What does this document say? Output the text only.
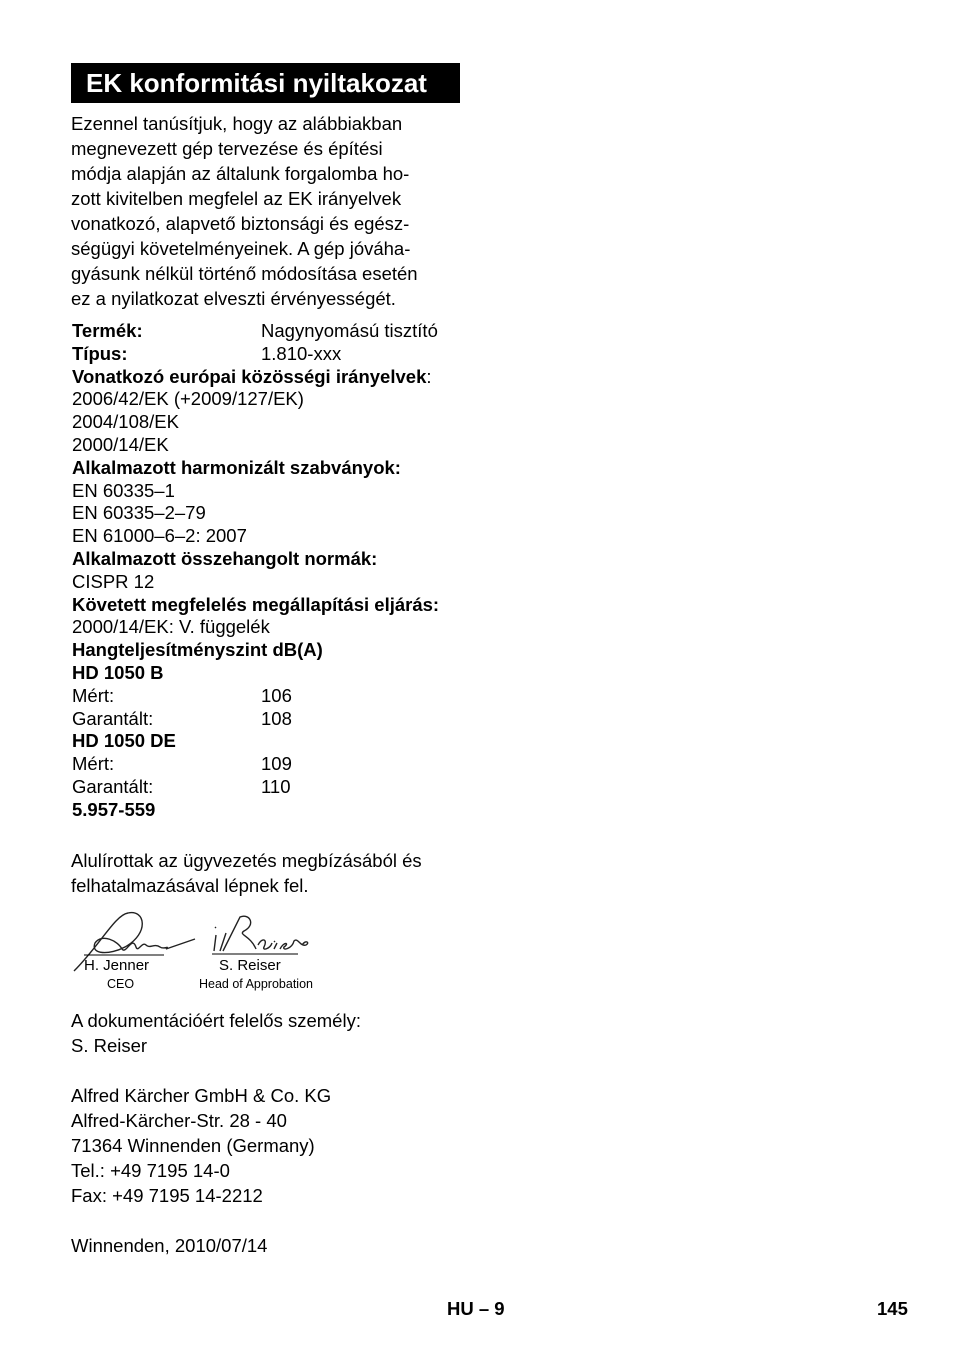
EK konformitási nyiltakozat
Ezennel tanúsítjuk, hogy az alábbiakban
megnevezett gép tervezése és építési
módja alapján az általunk forgalomba ho-
zott kivitelben megfelel az EK irányelvek
vonatkozó, alapvető biztonsági és egész-
ségügyi követelményeinek. A gép jóváha-
gyásunk nélkül történő módosítása esetén
ez a nyilatkozat elveszti érvényességét.
Termék:	Nagynyomású tisztító
Típus:	1.810-xxx
Vonatkozó európai közösségi irányelvek:
2006/42/EK (+2009/127/EK)
2004/108/EK
2000/14/EK
Alkalmazott harmonizált szabványok:
EN 60335–1
EN 60335–2–79
EN 61000–6–2: 2007
Alkalmazott összehangolt normák:
CISPR 12
Követett megfelelés megállapítási eljárás:
2000/14/EK: V. függelék
Hangteljesítményszint dB(A)
HD 1050 B
Mért:	106
Garantált:	108
HD 1050 DE
Mért:	109
Garantált:	110
5.957-559
Alulírottak az ügyvezetés megbízásából és
felhatalmazásával lépnek fel.
H. Jenner
CEO
S. Reiser
Head of Approbation
A dokumentációért felelős személy:
S. Reiser
Alfred Kärcher GmbH & Co. KG
Alfred-Kärcher-Str. 28 - 40
71364 Winnenden (Germany)
Tel.: +49 7195 14-0
Fax: +49 7195 14-2212
Winnenden, 2010/07/14
HU – 9	145
